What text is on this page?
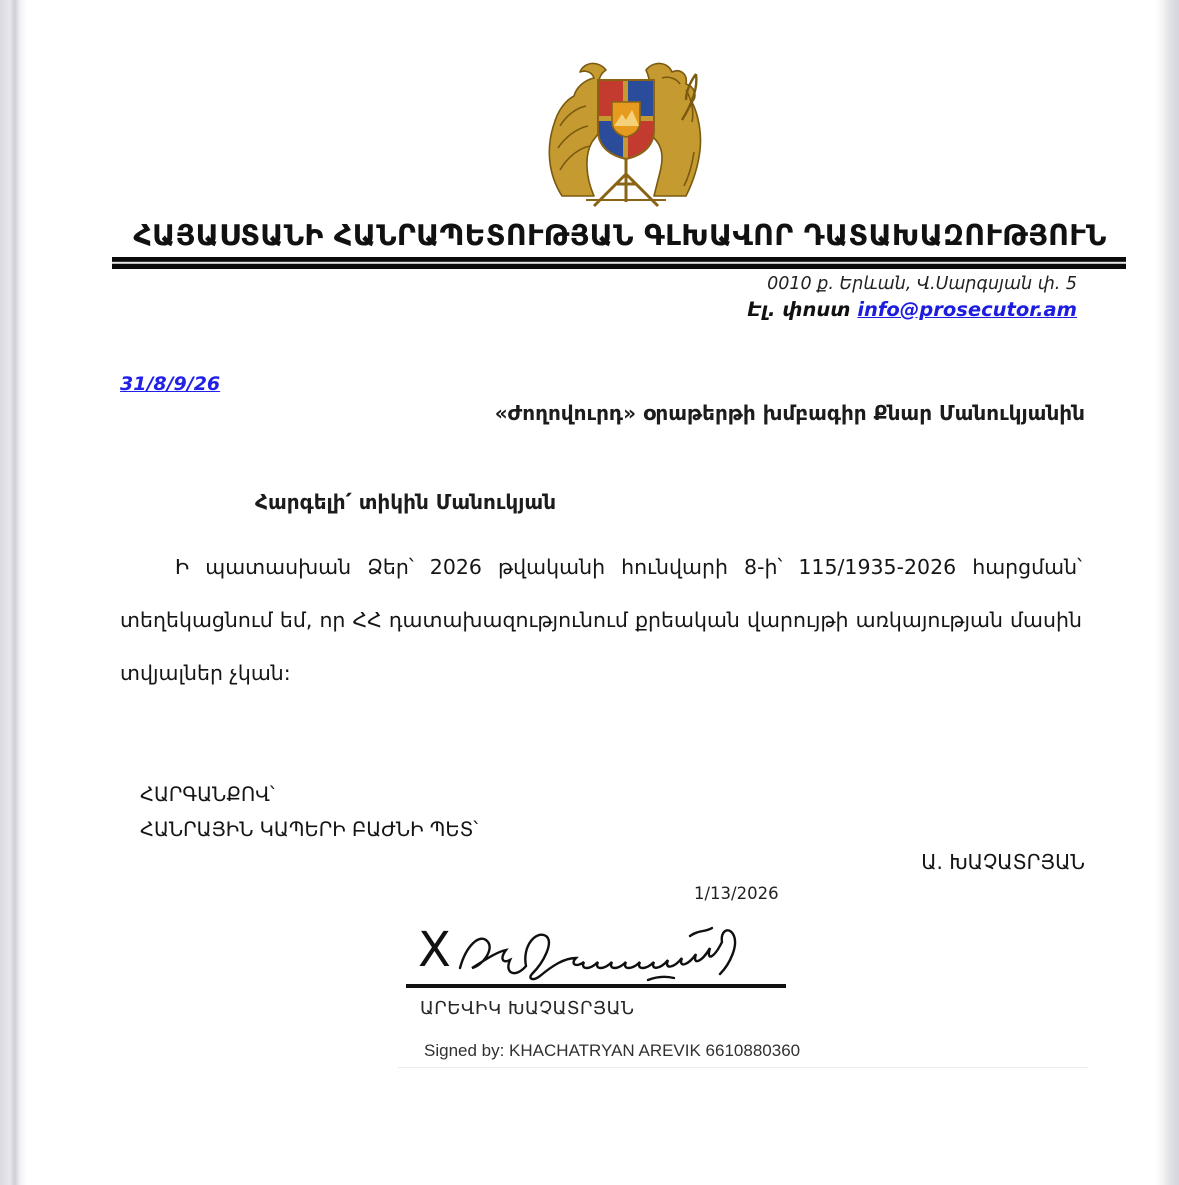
ՀԱՅԱՍՏԱՆԻ ՀԱՆՐԱՊԵՏՈՒԹՅԱՆ ԳԼԽԱՎՈՐ ԴԱՏԱԽԱԶՈՒԹՅՈՒՆ
0010 ք. Երևան, Վ.Սարգսյան փ. 5
Էլ. փոստ info@prosecutor.am
31/8/9/26
«Ժողովուրդ» օրաթերթի խմբագիր Քնար Մանուկյանին
Հարգելի՛ տիկին Մանուկյան
Ի պատասխան Ձեր՝ 2026 թվականի հունվարի 8-ի՝ 115/1935-2026 հարցման՝
տեղեկացնում եմ, որ ՀՀ դատախազությունում քրեական վարույթի առկայության մասին
տվյալներ չկան:
ՀԱՐԳԱՆՔՈՎ՝
ՀԱՆՐԱՅԻՆ ԿԱՊԵՐԻ ԲԱԺՆԻ ՊԵՏ՝
Ա. ԽԱՉԱՏՐՅԱՆ
1/13/2026
X
ԱՐԵՎԻԿ ԽԱՉԱՏՐՅԱՆ
Signed by: KHACHATRYAN AREVIK 6610880360
